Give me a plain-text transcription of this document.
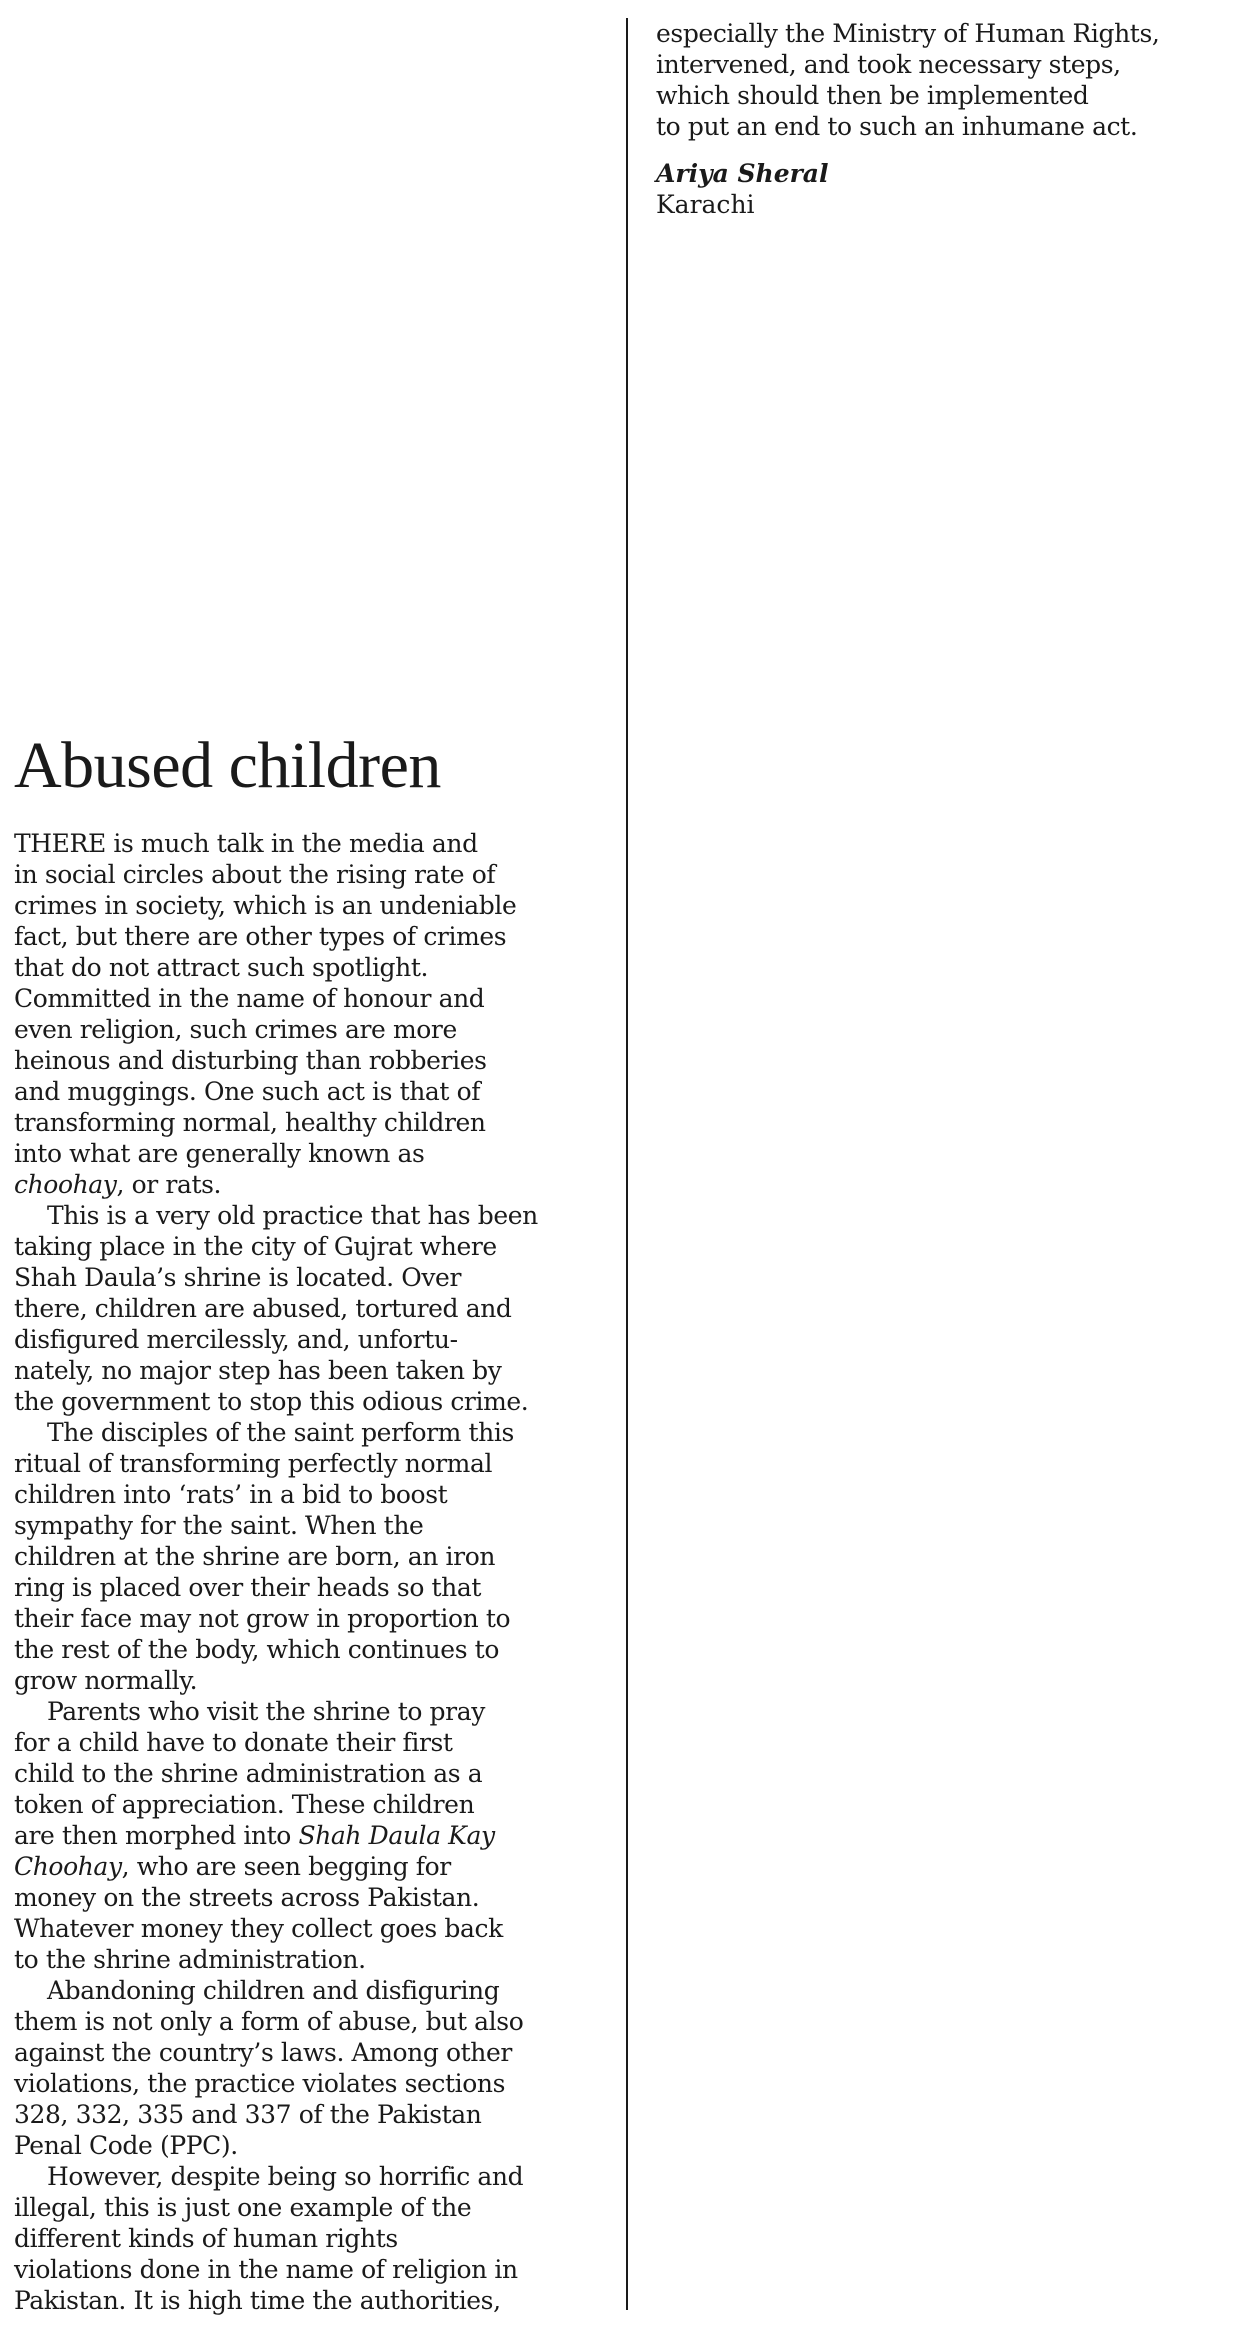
Abused children
THERE is much talk in the media and
in social circles about the rising rate of
crimes in society, which is an undeniable
fact, but there are other types of crimes
that do not attract such spotlight.
Committed in the name of honour and
even religion, such crimes are more
heinous and disturbing than robberies
and muggings. One such act is that of
transforming normal, healthy children
into what are generally known as
choohay, or rats.
This is a very old practice that has been
taking place in the city of Gujrat where
Shah Daula’s shrine is located. Over
there, children are abused, tortured and
disfigured mercilessly, and, unfortu-
nately, no major step has been taken by
the government to stop this odious crime.
The disciples of the saint perform this
ritual of transforming perfectly normal
children into ‘rats’ in a bid to boost
sympathy for the saint. When the
children at the shrine are born, an iron
ring is placed over their heads so that
their face may not grow in proportion to
the rest of the body, which continues to
grow normally.
Parents who visit the shrine to pray
for a child have to donate their first
child to the shrine administration as a
token of appreciation. These children
are then morphed into Shah Daula Kay
Choohay, who are seen begging for
money on the streets across Pakistan.
Whatever money they collect goes back
to the shrine administration.
Abandoning children and disfiguring
them is not only a form of abuse, but also
against the country’s laws. Among other
violations, the practice violates sections
328, 332, 335 and 337 of the Pakistan
Penal Code (PPC).
However, despite being so horrific and
illegal, this is just one example of the
different kinds of human rights
violations done in the name of religion in
Pakistan. It is high time the authorities,
especially the Ministry of Human Rights,
intervened, and took necessary steps,
which should then be implemented
to put an end to such an inhumane act.
Ariya Sheral
Karachi
